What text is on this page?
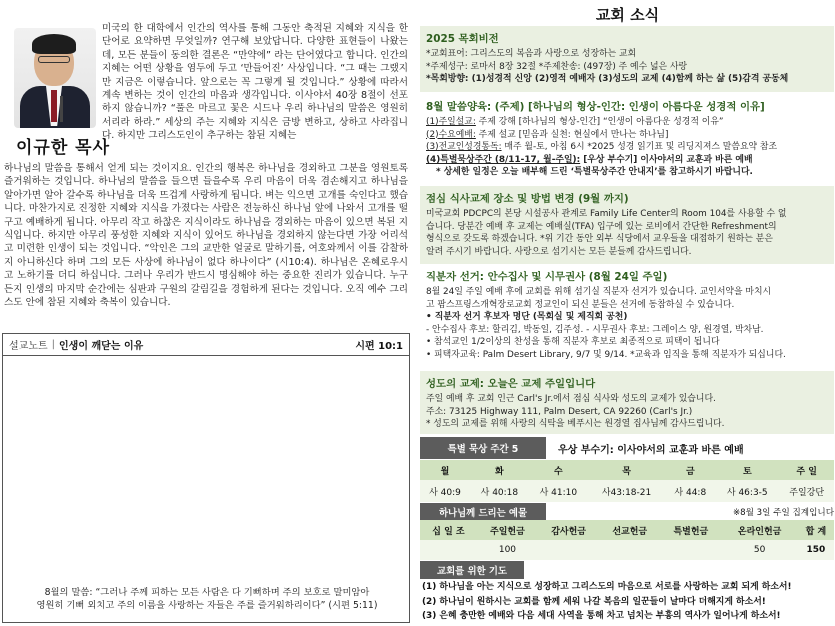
이규한 목사

미국의 한 대학에서 인간의 역사를 통해 그동안 축적된 지혜와 지식을 한 단어로 요약하면 무엇일까? 연구해 보았답니다. 다양한 표현들이 나왔는데, 모든 분들이 동의한 결론은 “만약에” 라는 단어였다고 합니다. 인간의 지혜는 어떤 상황을 염두에 두고 ‘만들어진’ 사상입니다. “그 때는 그랬지만 지금은 이렇습니다. 앞으로는 꼭 그렇게 될 것입니다.” 상황에 따라서 계속 변하는 것이 인간의 마음과 생각입니다. 이사야서 40장 8절이 선포하지 않습니까? “풀은 마르고 꽃은 시드나 우리 하나님의 말씀은 영원히 서리라 하라.” 세상의 주는 지혜와 지식은 금방 변하고, 상하고 사라집니다. 하지만 그리스도인이 추구하는 참된 지혜는

하나님의 말씀을 통해서 얻게 되는 것이지요. 인간의 행복은 하나님을 경외하고 그분을 영원토록 즐거워하는 것입니다. 하나님의 말씀을 들으면 들을수록 우리 마음이 더욱 겸손해지고 하나님을 알아가면 알아 갈수록 하나님을 더욱 뜨겁게 사랑하게 됩니다. 벼는 익으면 고개를 숙인다고 했습니다. 마찬가지로 진정한 지혜와 지식을 가졌다는 사람은 전능하신 하나님 앞에 나와서 고개를 떨구고 예배하게 됩니다. 아무리 작고 하찮은 지식이라도 하나님을 경외하는 마음이 있으면 복된 지식입니다. 하지만 아무리 풍성한 지혜와 지식이 있어도 하나님을 경외하지 않는다면 가장 어리석고 미련한 인생이 되는 것입니다. “악인은 그의 교만한 얼굴로 말하기를, 여호와께서 이를 감찰하지 아니하신다 하며 그의 모든 사상에 하나님이 없다 하나이다” (시10:4). 하나님은 온혜로우시고 노하기를 더디 하십니다. 그러나 우리가 반드시 명심해야 하는 중요한 진리가 있습니다. 누구든지 인생의 마지막 순간에는 심판과 구원의 갈림길을 경험하게 된다는 것입니다. 오직 예수 그리스도 안에 참된 지혜와 축복이 있습니다.

설교노트 | 인생이 깨닫는 이유	시편 10:1
8월의 말씀: “그러나 주께 피하는 모든 사람은 다 기뻐하며 주의 보호로 말미암아
영원히 기뻐 외치고 주의 이름을 사랑하는 자들은 주를 즐거워하리이다” (시편 5:11)
교회 소식
2025 목회비전
*교회표어: 그리스도의 복음과 사랑으로 성장하는 교회
*주제성구: 로마서 8장 32절 *주제찬송: (497장) 주 예수 넓은 사랑
*목회방향: (1)성경적 신앙 (2)영적 예배자 (3)성도의 교제 (4)함께 하는 삶 (5)감격 공동체
8월 말씀양육: (주제) [하나님의 형상-인간: 인생이 아름다운 성경적 이유]
(1)주일설교: 주제 강해 [하나님의 형상-인간] “인생이 아름다운 성경적 이유”
(2)수요예배: 주제 설교 [믿음과 실천: 현실에서 만나는 하나님]
(3)전교인성경통독: 매주 월-토, 아침 6시 *2025 성경 읽기표 및 리딩지져스 말씀요약 참조
(4)특별묵상주간 (8/11-17, 월-주일): [우상 부수기] 이사야서의 교훈과 바른 예배
* 상세한 일정은 오늘 배부해 드린 ‘특별묵상주간 안내지’를 참고하시기 바랍니다.
점심 식사교제 장소 및 방법 변경 (9월 까지)
미국교회 PDCPC의 본당 시설공사 관계로 Family Life Center의 Room 104를 사용할 수 없
습니다. 당분간 예배 후 교제는 예배실(TFA) 입구에 있는 로비에서 간단한 Refreshment의
형식으로 갖도록 하겠습니다. *위 기간 동안 외부 식당에서 교우들을 대접하기 원하는 분은
알려 주시기 바랍니다. 사랑으로 섬기시는 모든 분들께 감사드립니다.
직분자 선거: 안수집사 및 시무권사 (8월 24일 주일)
8월 24일 주일 예배 후에 교회를 위해 섬기실 직분자 선거가 있습니다. 교인서약을 마치시
고 팜스프링스개혁장로교회 정교인이 되신 분들은 선거에 동참하실 수 있습니다.
• 직분자 선거 후보자 명단 (목회실 및 제직회 공천)
- 안수집사 후보: 할리김, 박동일, 김주성. - 시무권사 후보: 그레이스 양, 원경열, 박차남.
• 참석교인 1/2이상의 찬성을 통해 직분자 후보로 최종적으로 피택이 됩니다
• 피택자교육: Palm Desert Library, 9/7 및 9/14. *교육과 임직을 통해 직분자가 되십니다.
성도의 교제: 오늘은 교제 주일입니다
주일 예배 후 교회 인근 Carl's Jr.에서 점심 식사와 성도의 교제가 있습니다.
주소: 73125 Highway 111, Palm Desert, CA 92260 (Carl's Jr.)
* 성도의 교제를 위해 사랑의 식탁을 베푸시는 원경열 집사님께 감사드립니다.
특별 묵상 주간 5	우상 부수기: 이사야서의 교훈과 바른 예배
월	화	수	목	금	토	주 일
사 40:9	사 40:18	사 41:10	사43:18-21	사 44:8	사 46:3-5	주일강단
하나님께 드리는 예물	※8월 3일 주일 집계입니다
십 일 조	주일헌금	감사헌금	선교헌금	특별헌금	온라인헌금	합 계
	100				50	150
교회를 위한 기도
(1) 하나님을 아는 지식으로 성장하고 그리스도의 마음으로 서로를 사랑하는 교회 되게 하소서!
(2) 하나님이 원하시는 교회를 함께 세워 나갈 복음의 일꾼들이 날마다 더해지게 하소서!
(3) 은혜 충만한 예배와 다음 세대 사역을 통해 차고 넘치는 부흥의 역사가 일어나게 하소서!
